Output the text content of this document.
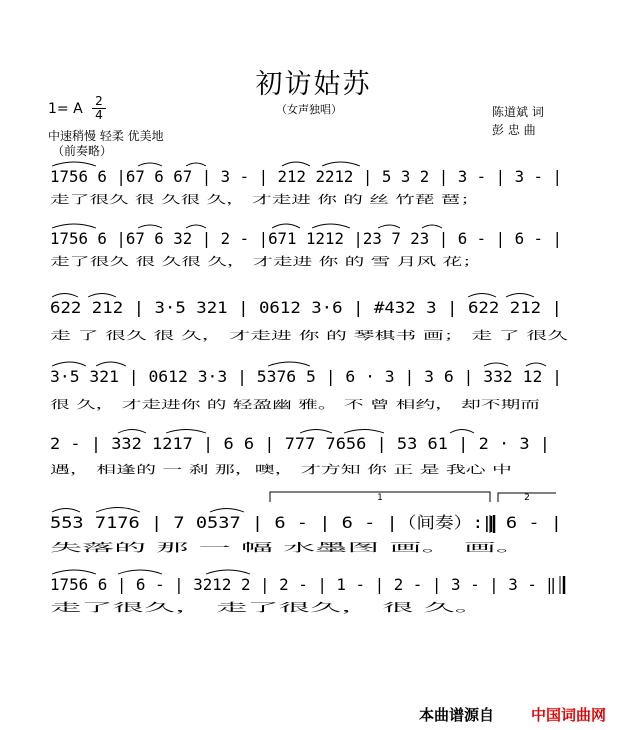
初访姑苏
1= A 2
4	（女声独唱）
中速稍慢 轻柔 优美地
（前奏略）
陈道斌 词
彭 忠 曲
1	2
1756 6 |67 6 67 | 3 - | 212 2212 | 5 3 2 | 3 - | 3 - |
走了很久 很 久很 久， 才走进 你 的 丝 竹琵 琶；
1756 6 |67 6 32 | 2 - |671 1212 |23 7 23 | 6 - | 6 - |
走了很久 很 久很 久， 才走进 你 的 雪 月风 花；
622 212 | 3·5 321 | 0612 3·6 | #432 3 | 622 212 |
走 了 很久 很 久， 才走进 你 的 琴棋书 画； 走 了 很久
3·5 321 | 0612 3·3 | 5376 5 | 6 · 3 | 3 6 | 332 12 |
很 久， 才走进你 的 轻盈幽 雅。 不 曾 相约， 却不期而
2 - | 332 1217 | 6 6 | 777 7656 | 53 61 | 2 · 3 |
遇， 相逢的 一 刹 那，噢， 才方知 你 正 是 我心 中
553 7176 | 7 0537 | 6 - | 6 - |（间奏）:‖ 6 - |
失落的 那 一 幅 水墨图 画。 画。
1756 6 | 6 - | 3212 2 | 2 - | 1 - | 2 - | 3 - | 3 - ‖
走了很久， 走了很久， 很 久。
本曲谱源自 中国词曲网
